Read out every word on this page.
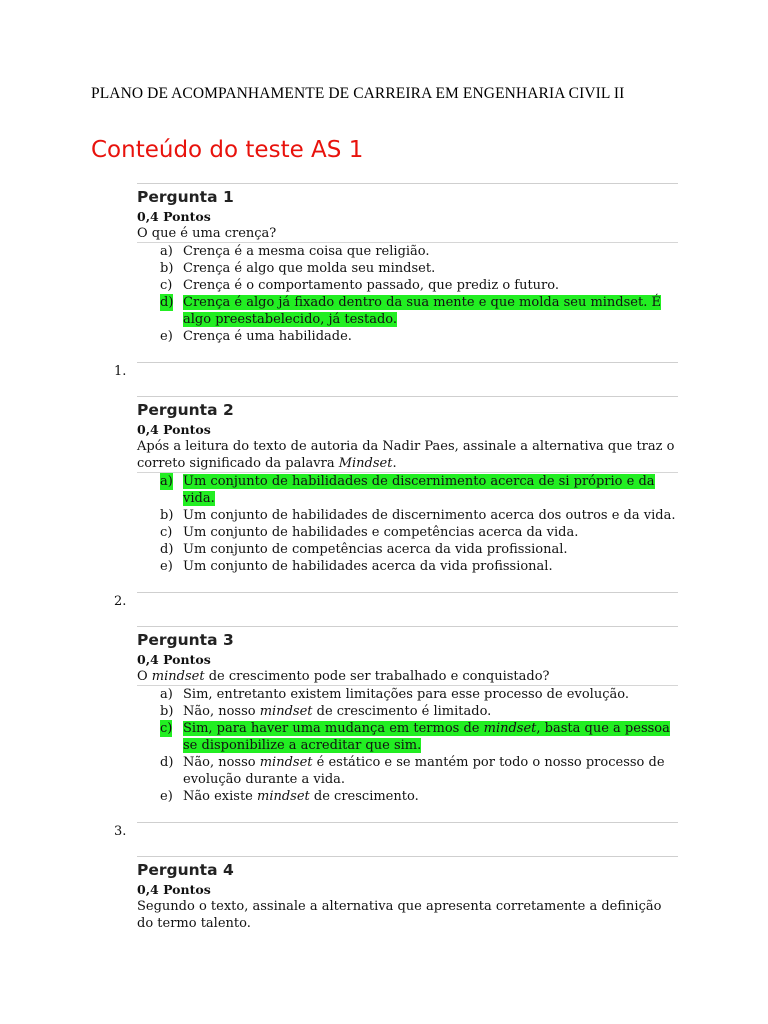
PLANO DE ACOMPANHAMENTE DE CARREIRA EM ENGENHARIA CIVIL II
Conteúdo do teste AS 1
Pergunta 1
0,4 Pontos
O que é uma crença?
a) Crença é a mesma coisa que religião.
b) Crença é algo que molda seu mindset.
c) Crença é o comportamento passado, que prediz o futuro.
d) Crença é algo já fixado dentro da sua mente e que molda seu mindset. É algo preestabelecido, já testado.
e) Crença é uma habilidade.
1.
Pergunta 2
0,4 Pontos
Após a leitura do texto de autoria da Nadir Paes, assinale a alternativa que traz o correto significado da palavra Mindset.
a) Um conjunto de habilidades de discernimento acerca de si próprio e da vida.
b) Um conjunto de habilidades de discernimento acerca dos outros e da vida.
c) Um conjunto de habilidades e competências acerca da vida.
d) Um conjunto de competências acerca da vida profissional.
e) Um conjunto de habilidades acerca da vida profissional.
2.
Pergunta 3
0,4 Pontos
O mindset de crescimento pode ser trabalhado e conquistado?
a) Sim, entretanto existem limitações para esse processo de evolução.
b) Não, nosso mindset de crescimento é limitado.
c) Sim, para haver uma mudança em termos de mindset, basta que a pessoa se disponibilize a acreditar que sim.
d) Não, nosso mindset é estático e se mantém por todo o nosso processo de evolução durante a vida.
e) Não existe mindset de crescimento.
3.
Pergunta 4
0,4 Pontos
Segundo o texto, assinale a alternativa que apresenta corretamente a definição do termo talento.
